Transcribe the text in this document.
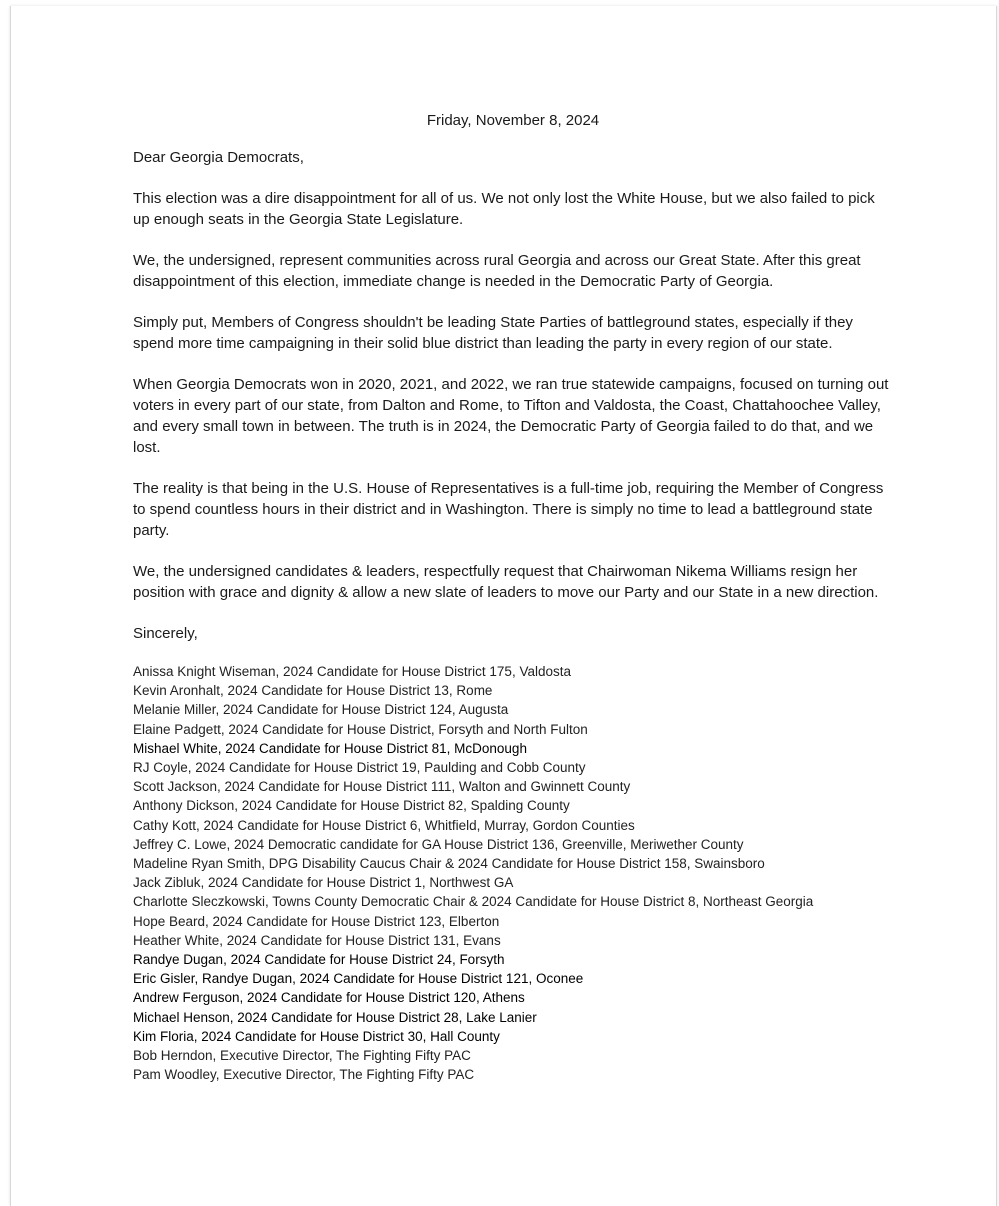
Friday, November 8, 2024

Dear Georgia Democrats,

This election was a dire disappointment for all of us. We not only lost the White House, but we also failed to pick up enough seats in the Georgia State Legislature.

We, the undersigned, represent communities across rural Georgia and across our Great State. After this great disappointment of this election, immediate change is needed in the Democratic Party of Georgia.

Simply put, Members of Congress shouldn't be leading State Parties of battleground states, especially if they spend more time campaigning in their solid blue district than leading the party in every region of our state.

When Georgia Democrats won in 2020, 2021, and 2022, we ran true statewide campaigns, focused on turning out voters in every part of our state, from Dalton and Rome, to Tifton and Valdosta, the Coast, Chattahoochee Valley, and every small town in between. The truth is in 2024, the Democratic Party of Georgia failed to do that, and we lost.

The reality is that being in the U.S. House of Representatives is a full-time job, requiring the Member of Congress to spend countless hours in their district and in Washington. There is simply no time to lead a battleground state party.

We, the undersigned candidates & leaders, respectfully request that Chairwoman Nikema Williams resign her position with grace and dignity & allow a new slate of leaders to move our Party and our State in a new direction.

Sincerely,

Anissa Knight Wiseman, 2024 Candidate for House District 175, Valdosta
Kevin Aronhalt, 2024 Candidate for House District 13, Rome
Melanie Miller, 2024 Candidate for House District 124, Augusta
Elaine Padgett, 2024 Candidate for House District, Forsyth and North Fulton
Mishael White, 2024 Candidate for House District 81, McDonough
RJ Coyle, 2024 Candidate for House District 19, Paulding and Cobb County
Scott Jackson, 2024 Candidate for House District 111, Walton and Gwinnett County
Anthony Dickson, 2024 Candidate for House District 82, Spalding County
Cathy Kott, 2024 Candidate for House District 6, Whitfield, Murray, Gordon Counties
Jeffrey C. Lowe, 2024 Democratic candidate for GA House District 136, Greenville, Meriwether County
Madeline Ryan Smith, DPG Disability Caucus Chair & 2024 Candidate for House District 158, Swainsboro
Jack Zibluk, 2024 Candidate for House District 1, Northwest GA
Charlotte Sleczkowski, Towns County Democratic Chair & 2024 Candidate for House District 8, Northeast Georgia
Hope Beard, 2024 Candidate for House District 123, Elberton
Heather White, 2024 Candidate for House District 131, Evans
Randye Dugan, 2024 Candidate for House District 24, Forsyth
Eric Gisler, Randye Dugan, 2024 Candidate for House District 121, Oconee
Andrew Ferguson, 2024 Candidate for House District 120, Athens
Michael Henson, 2024 Candidate for House District 28, Lake Lanier
Kim Floria, 2024 Candidate for House District 30, Hall County
Bob Herndon, Executive Director, The Fighting Fifty PAC
Pam Woodley, Executive Director, The Fighting Fifty PAC
